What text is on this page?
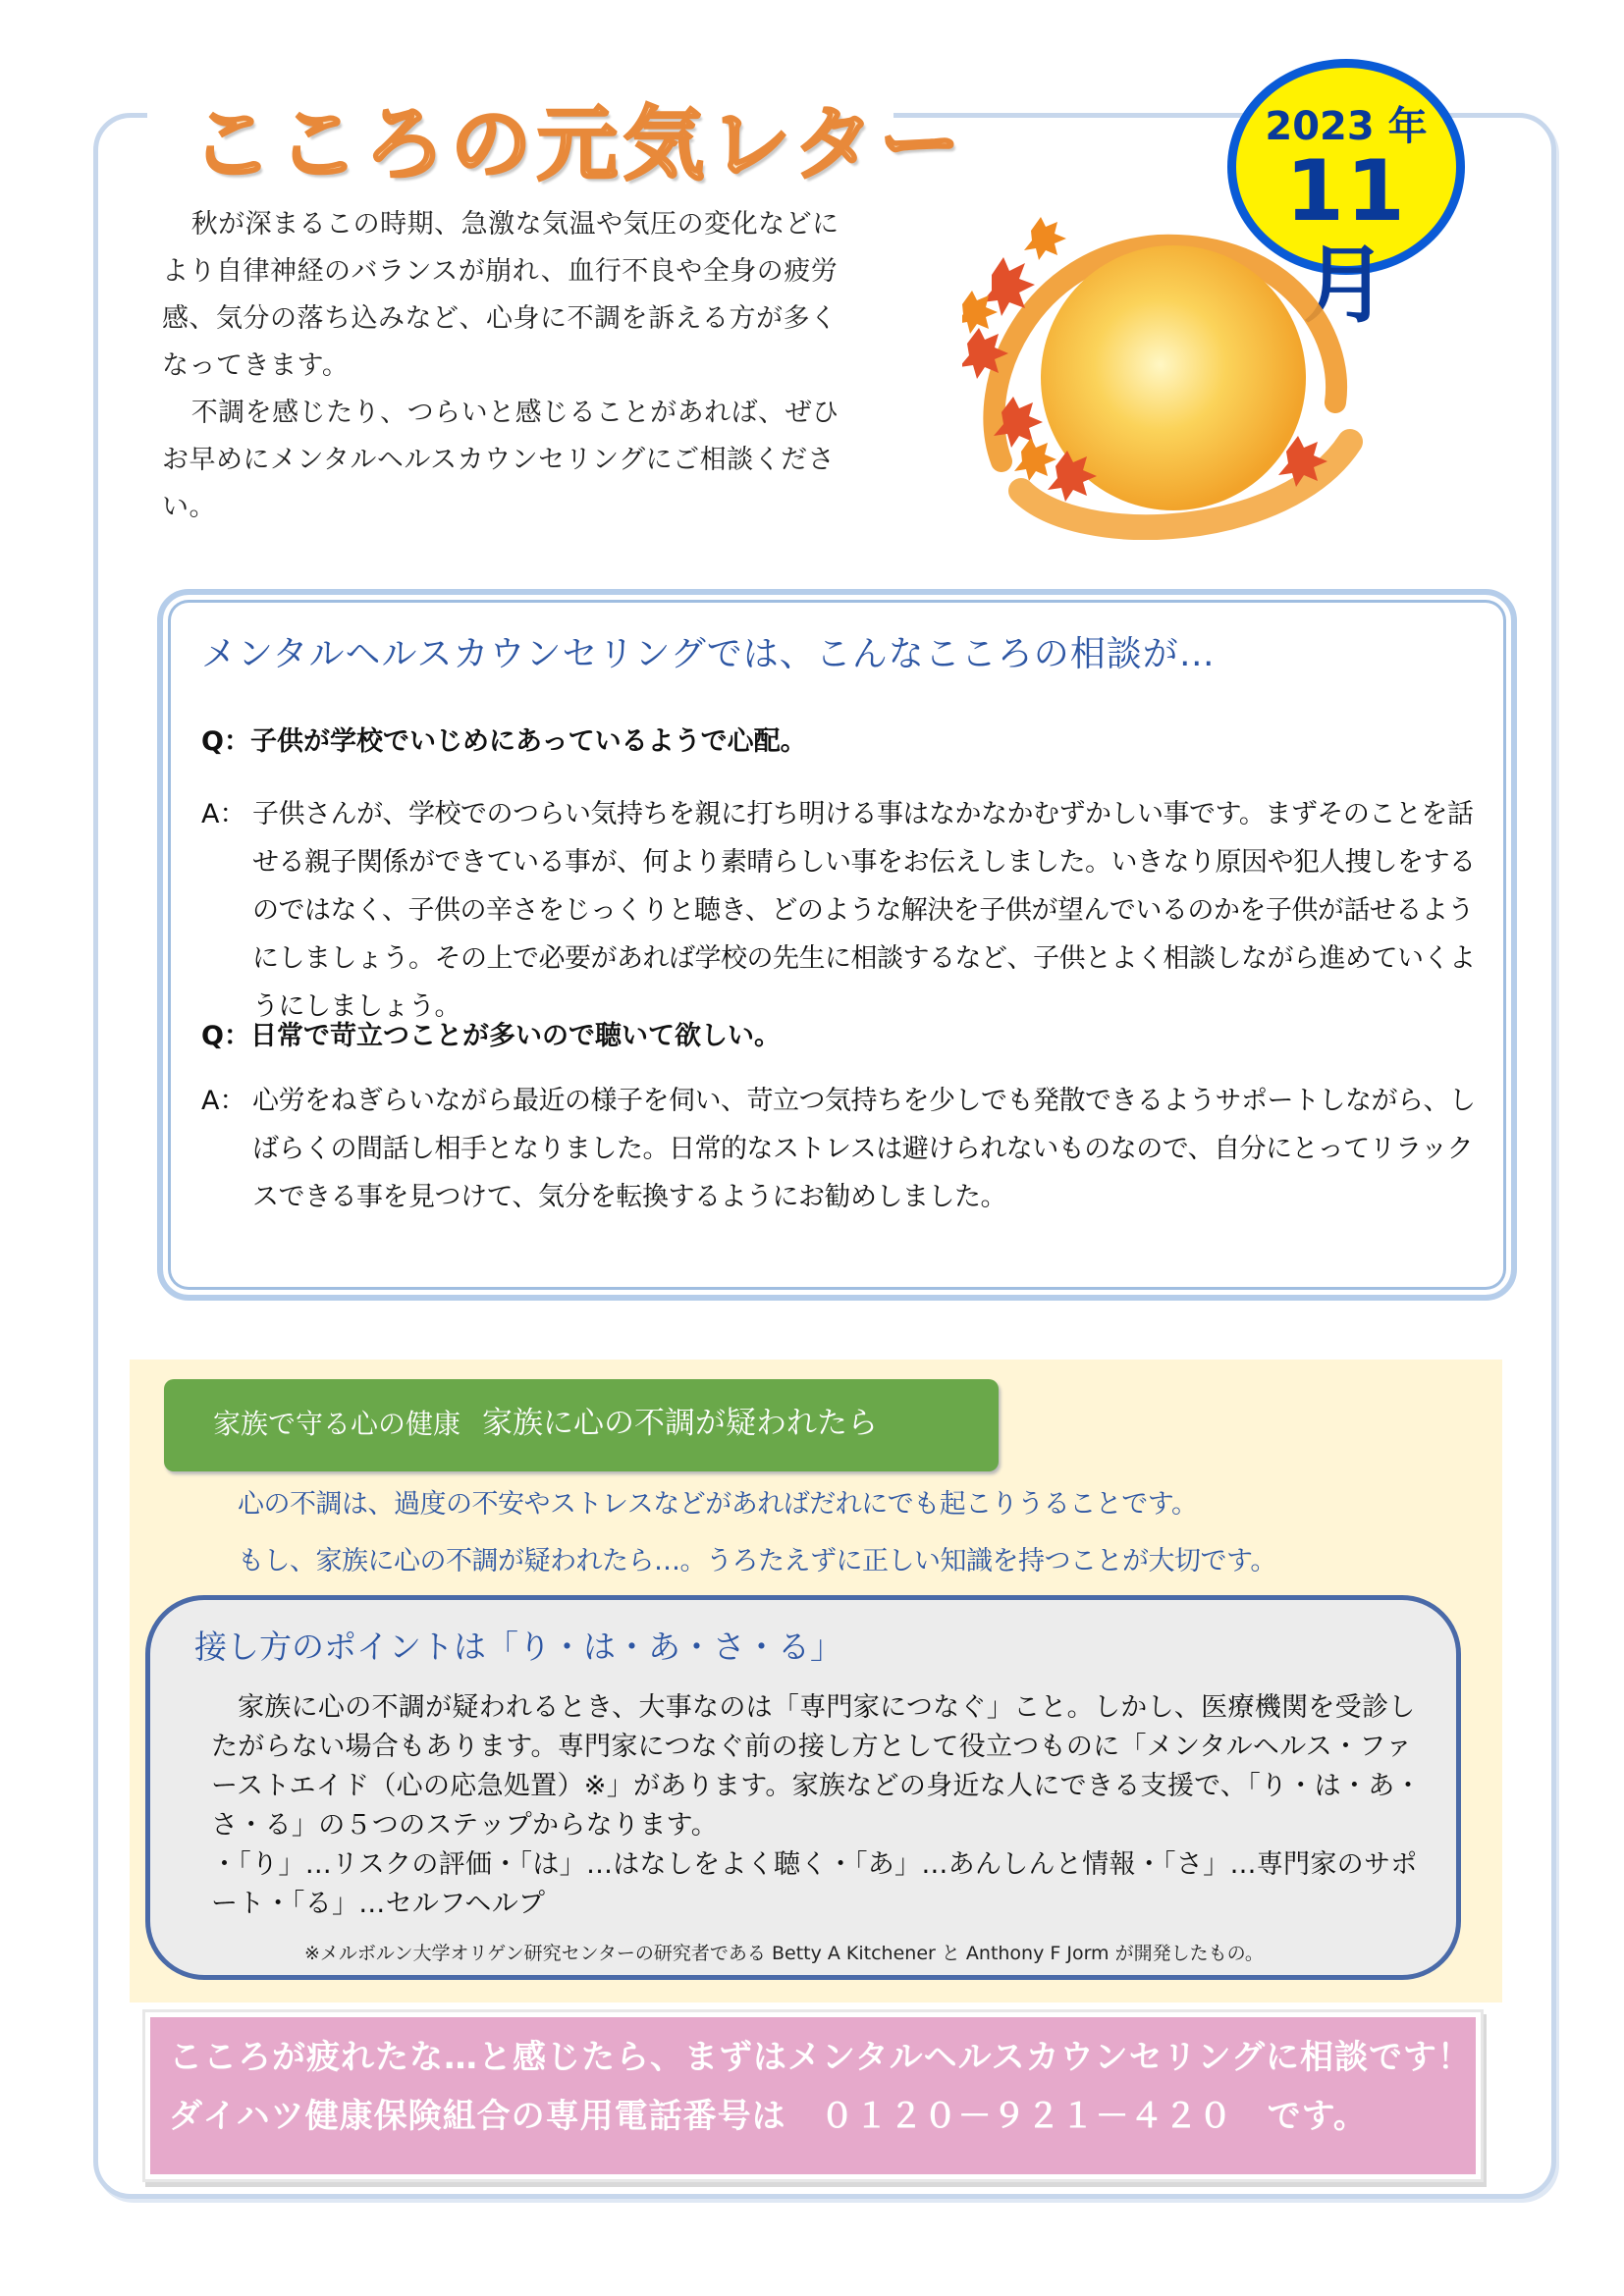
こころの元気レター	2023 年
11 月

秋が深まるこの時期、急激な気温や気圧の変化などにより自律神経のバランスが崩れ、血行不良や全身の疲労感、気分の落ち込みなど、心身に不調を訴える方が多くなってきます。

不調を感じたり、つらいと感じることがあれば、ぜひお早めにメンタルヘルスカウンセリングにご相談ください。

メンタルヘルスカウンセリングでは、こんなこころの相談が…
Q：子供が学校でいじめにあっているようで心配。
A： 子供さんが、学校でのつらい気持ちを親に打ち明ける事はなかなかむずかしい事です。まずそのことを話せる親子関係ができている事が、何より素晴らしい事をお伝えしました。いきなり原因や犯人捜しをするのではなく、子供の辛さをじっくりと聴き、どのような解決を子供が望んでいるのかを子供が話せるようにしましょう。その上で必要があれば学校の先生に相談するなど、子供とよく相談しながら進めていくようにしましょう。
Q：日常で苛立つことが多いので聴いて欲しい。
A： 心労をねぎらいながら最近の様子を伺い、苛立つ気持ちを少しでも発散できるようサポートしながら、しばらくの間話し相手となりました。日常的なストレスは避けられないものなので、自分にとってリラックスできる事を見つけて、気分を転換するようにお勧めしました。
家族で守る心の健康 家族に心の不調が疑われたら
心の不調は、過度の不安やストレスなどがあればだれにでも起こりうることです。
もし、家族に心の不調が疑われたら…。うろたえずに正しい知識を持つことが大切です。
接し方のポイントは「り・は・あ・さ・る」

家族に心の不調が疑われるとき、大事なのは「専門家につなぐ」こと。しかし、医療機関を受診したがらない場合もあります。専門家につなぐ前の接し方として役立つものに「メンタルヘルス・ファーストエイド（心の応急処置）※」があります。家族などの身近な人にできる支援で、「り・は・あ・さ・る」の５つのステップからなります。

・「り」…リスクの評価・「は」…はなしをよく聴く・「あ」…あんしんと情報・「さ」…専門家のサポート・「る」…セルフヘルプ

※メルボルン大学オリゲン研究センターの研究者である Betty A Kitchener と Anthony F Jorm が開発したもの。
こころが疲れたな…と感じたら、まずはメンタルヘルスカウンセリングに相談です！
ダイハツ健康保険組合の専用電話番号は　０１２０－９２１－４２０　です。
